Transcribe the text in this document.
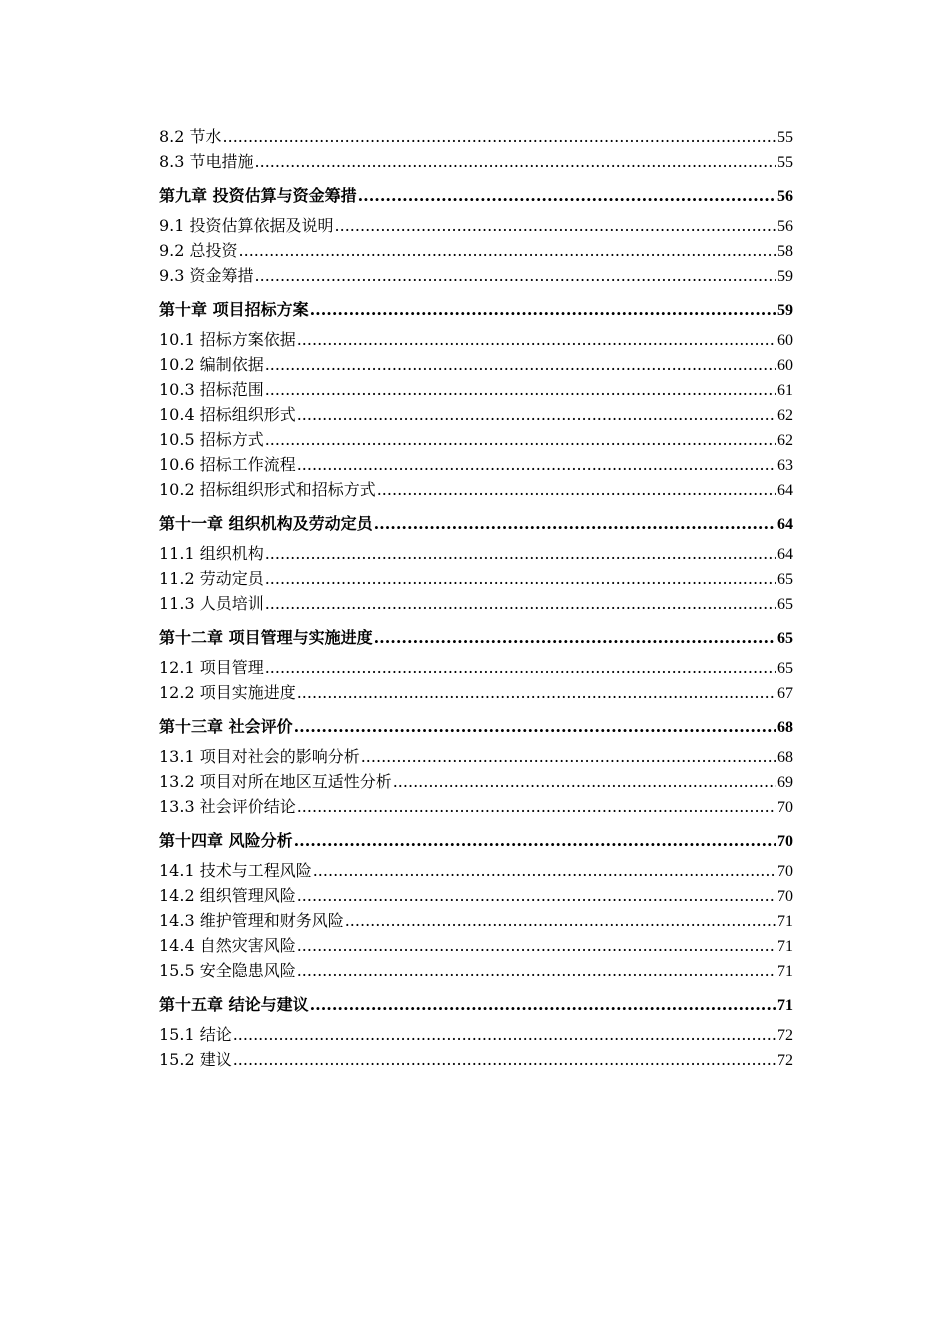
8.2 节水 .....	55
8.3 节电措施 .....	55
第九章 投资估算与资金筹措 .....	56
9.1 投资估算依据及说明 .....	56
9.2 总投资 .....	58
9.3 资金筹措 .....	59
第十章 项目招标方案 .....	59
10.1 招标方案依据 .....	60
10.2 编制依据 .....	60
10.3 招标范围 .....	61
10.4 招标组织形式 .....	62
10.5 招标方式 .....	62
10.6 招标工作流程 .....	63
10.2 招标组织形式和招标方式 .....	64
第十一章 组织机构及劳动定员 .....	64
11.1 组织机构 .....	64
11.2 劳动定员 .....	65
11.3 人员培训 .....	65
第十二章 项目管理与实施进度 .....	65
12.1 项目管理 .....	65
12.2 项目实施进度 .....	67
第十三章 社会评价 .....	68
13.1 项目对社会的影响分析 .....	68
13.2 项目对所在地区互适性分析 .....	69
13.3 社会评价结论 .....	70
第十四章 风险分析 .....	70
14.1 技术与工程风险 .....	70
14.2 组织管理风险 .....	70
14.3 维护管理和财务风险 .....	71
14.4 自然灾害风险 .....	71
15.5 安全隐患风险 .....	71
第十五章 结论与建议 .....	71
15.1 结论 .....	72
15.2 建议 .....	72
